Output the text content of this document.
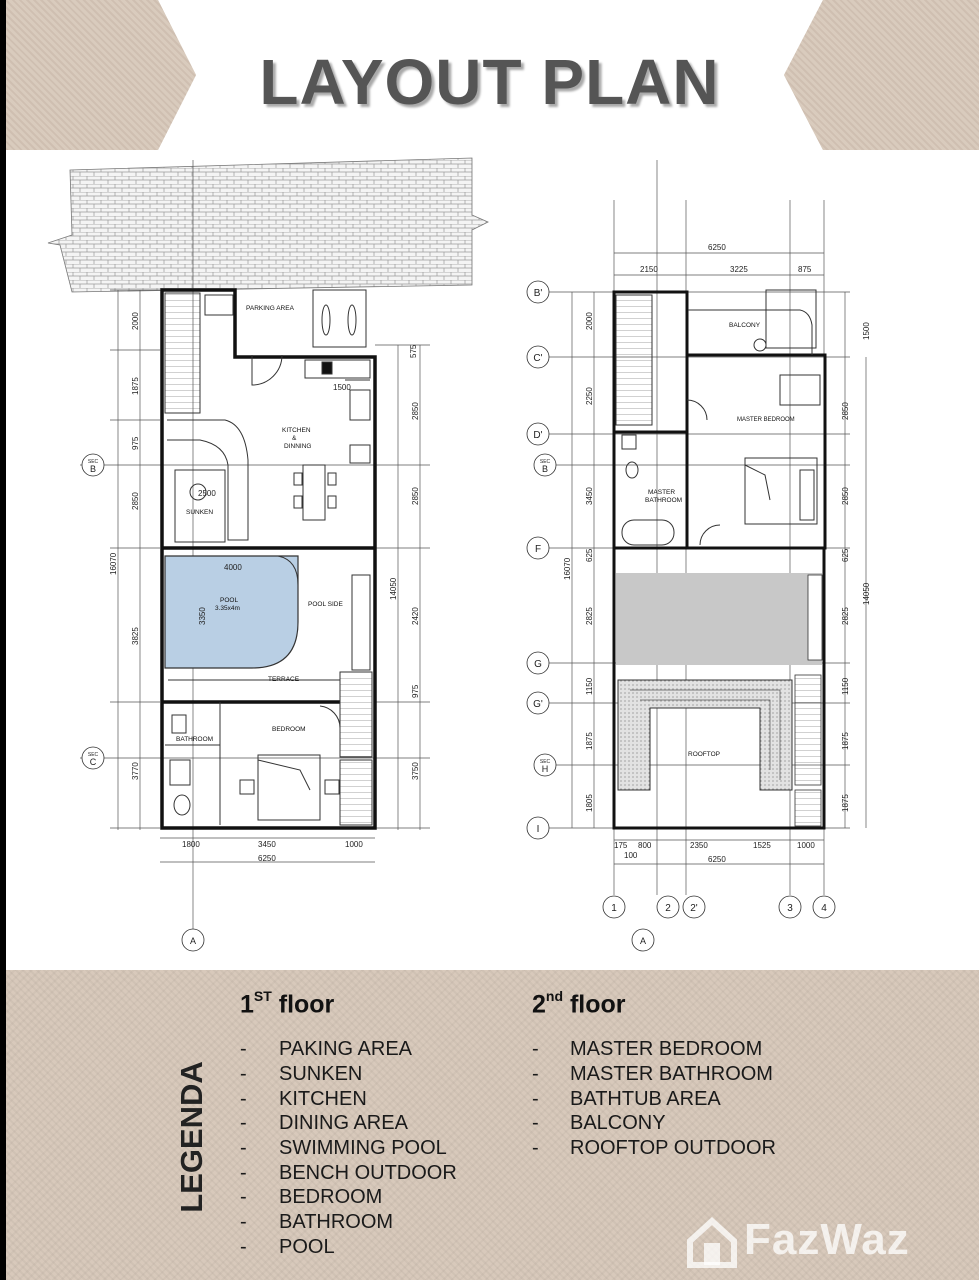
LAYOUT PLAN
PARKING AREA
KITCHEN
&
DINNING
SUNKEN
POOL
3.35x4m
POOL SIDE
TERRACE
BEDROOM
BATHROOM
2000
1875
975
2850
3825
3770
16070
2850
2850
2420
975
3750
14050
575
1500
4000
3350
2500
1800	3450	1000
6250
SEC
B
SEC
C
A
BALCONY
MASTER BEDROOM
MASTER
BATHROOM
ROOFTOP
6250
2150	3225	875
2000
2250
3450
625
2825
1150
1875
1805
16070
1500
2850
2850
625
2825
1150
1875
1875
14050
175 800	2350	1525	1000
100	6250
B'
C'
D'
SEC
B
F
G
G'
SEC
H
I
1	2 2'	3	4
A
LEGENDA
1ST floor
- PAKING AREA
- SUNKEN
- KITCHEN
- DINING AREA
- SWIMMING POOL
- BENCH OUTDOOR
- BEDROOM
- BATHROOM
- POOL
2nd floor
- MASTER BEDROOM
- MASTER BATHROOM
- BATHTUB AREA
- BALCONY
- ROOFTOP OUTDOOR
FazWaz
